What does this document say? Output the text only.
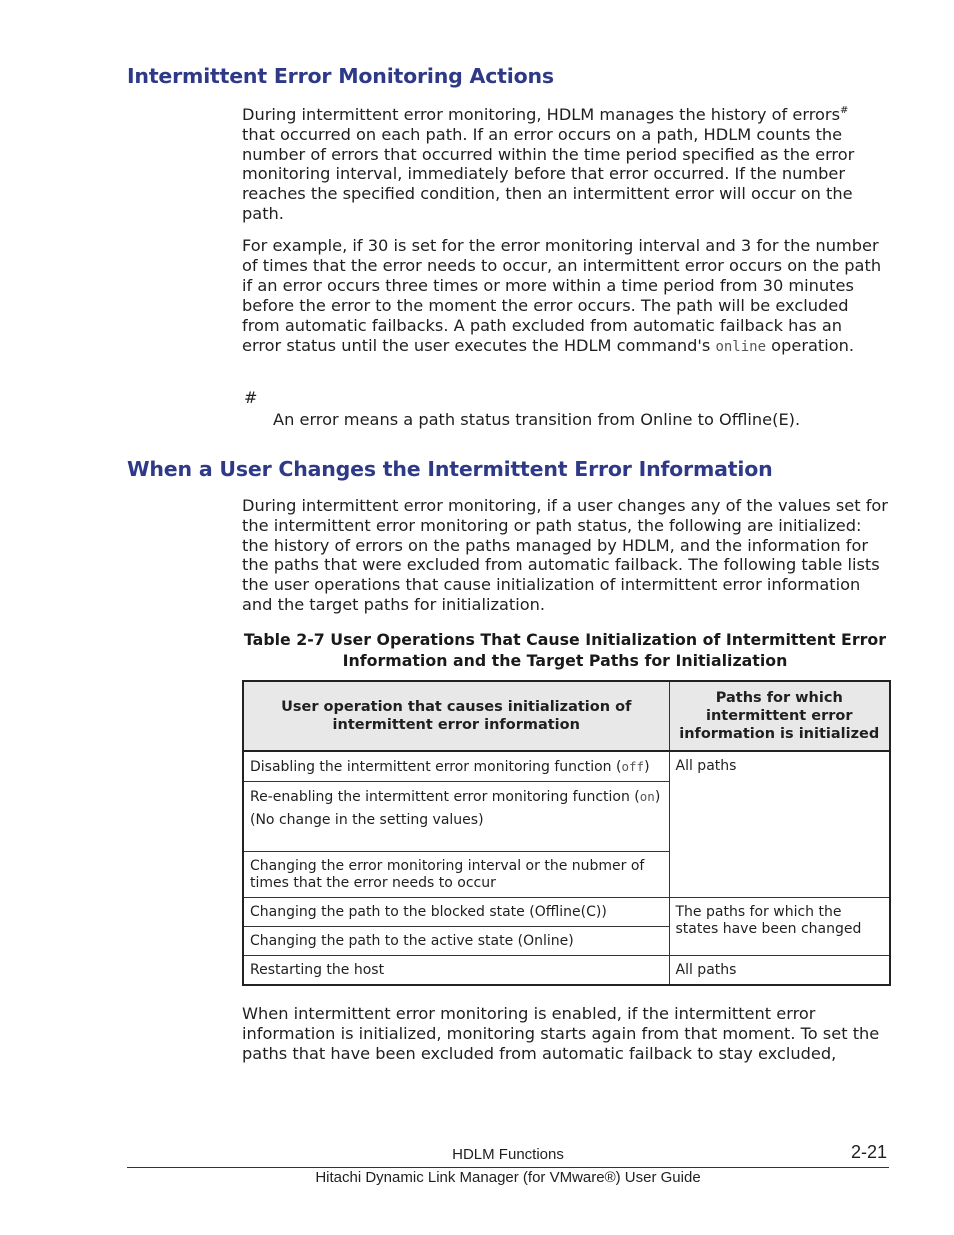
Intermittent Error Monitoring Actions

During intermittent error monitoring, HDLM manages the history of errors# that occurred on each path. If an error occurs on a path, HDLM counts the number of errors that occurred within the time period specified as the error monitoring interval, immediately before that error occurred. If the number reaches the specified condition, then an intermittent error will occur on the path.

For example, if 30 is set for the error monitoring interval and 3 for the number of times that the error needs to occur, an intermittent error occurs on the path if an error occurs three times or more within a time period from 30 minutes before the error to the moment the error occurs. The path will be excluded from automatic failbacks. A path excluded from automatic failback has an error status until the user executes the HDLM command's online operation.

#
An error means a path status transition from Online to Offline(E).
When a User Changes the Intermittent Error Information

During intermittent error monitoring, if a user changes any of the values set for the intermittent error monitoring or path status, the following are initialized: the history of errors on the paths managed by HDLM, and the information for the paths that were excluded from automatic failback. The following table lists the user operations that cause initialization of intermittent error information and the target paths for initialization.

Table 2-7 User Operations That Cause Initialization of Intermittent Error
Information and the Target Paths for Initialization
User operation that causes initialization of intermittent error information	Paths for which intermittent error information is initialized
Disabling the intermittent error monitoring function (off)	All paths

Re-enabling the intermittent error monitoring function (on)
(No change in the setting values)	

Changing the error monitoring interval or the nubmer of times that the error needs to occur	
Changing the path to the blocked state (Offline(C))	The paths for which the states have been changed
Changing the path to the active state (Online)	
Restarting the host	All paths

When intermittent error monitoring is enabled, if the intermittent error information is initialized, monitoring starts again from that moment. To set the paths that have been excluded from automatic failback to stay excluded,

HDLM Functions	2-21
Hitachi Dynamic Link Manager (for VMware®) User Guide
